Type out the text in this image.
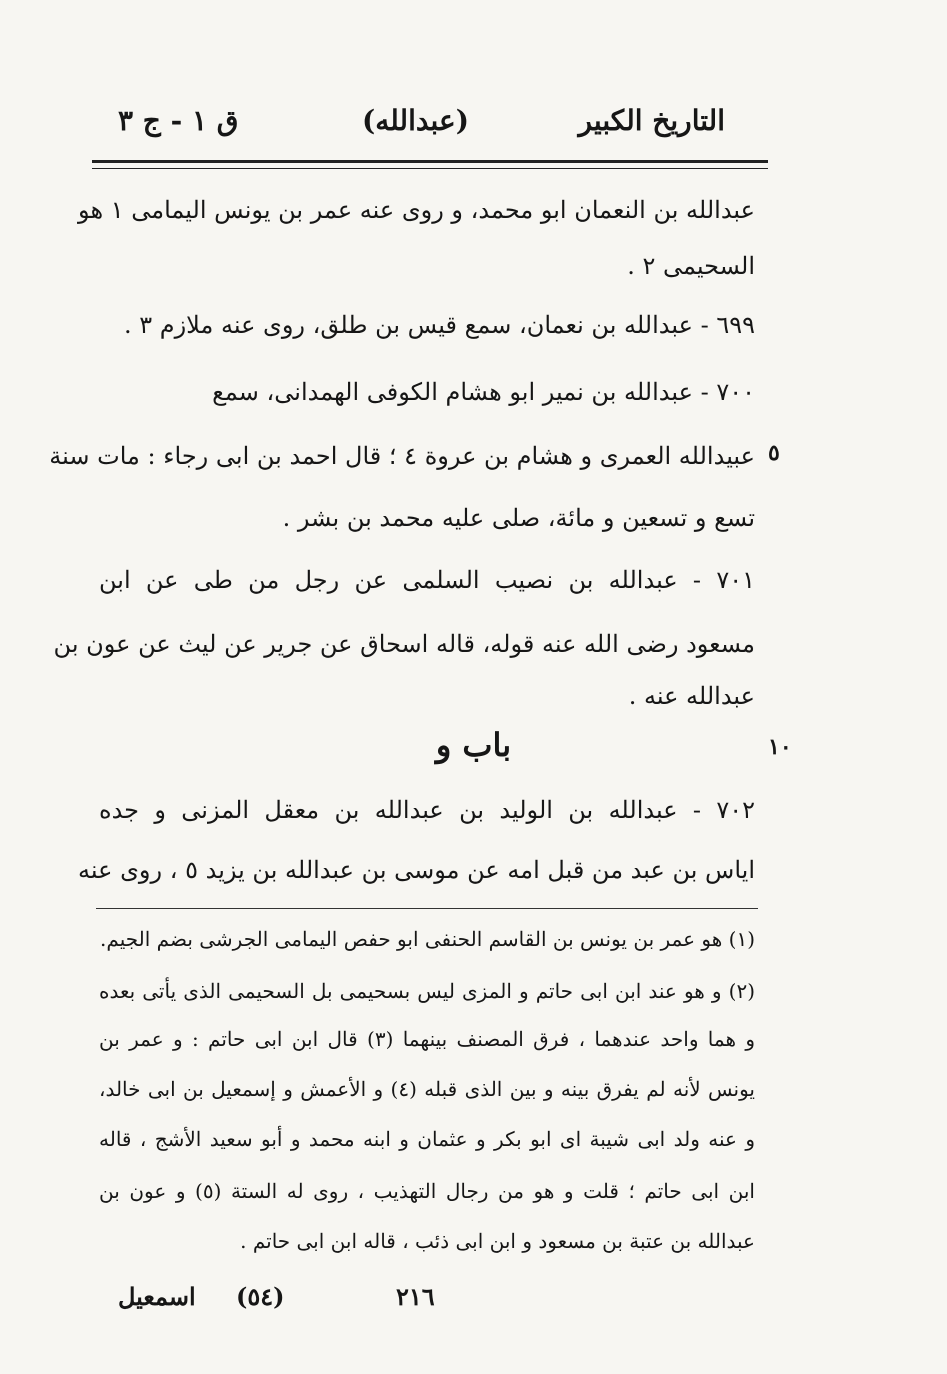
التاريخ الكبير
(عبدالله)
ق ١ - ج ٣
عبدالله بن النعمان ابو محمد، و روى عنه عمر بن يونس اليمامى ١ هو
السحيمى ٢ .
٦٩٩ - عبدالله بن نعمان، سمع قيس بن طلق، روى عنه ملازم ٣ .
٧٠٠ - عبدالله بن نمير ابو هشام الكوفى الهمدانى، سمع
عبيدالله العمرى و هشام بن عروة ٤ ؛ قال احمد بن ابى رجاء : مات سنة
تسع و تسعين و مائة، صلى عليه محمد بن بشر .
٧٠١ - عبدالله بن نصيب السلمى عن رجل من طى عن ابن
مسعود رضى الله عنه قوله، قاله اسحاق عن جرير عن ليث عن عون بن
عبدالله عنه .
٥
باب و	١٠
٧٠٢ - عبدالله بن الوليد بن عبدالله بن معقل المزنى و جده
اياس بن عبد من قبل امه عن موسى بن عبدالله بن يزيد ٥ ، روى عنه
(١) هو عمر بن يونس بن القاسم الحنفى ابو حفص اليمامى الجرشى بضم الجيم.
(٢) و هو عند ابن ابى حاتم و المزى ليس بسحيمى بل السحيمى الذى يأتى بعده
و هما واحد عندهما ، فرق المصنف بينهما (٣) قال ابن ابى حاتم : و عمر بن
يونس لأنه لم يفرق بينه و بين الذى قبله (٤) و الأعمش و إسمعيل بن ابى خالد،
و عنه ولد ابى شيبة اى ابو بكر و عثمان و ابنه محمد و أبو سعيد الأشج ، قاله
ابن ابى حاتم ؛ قلت و هو من رجال التهذيب ، روى له الستة (٥) و عون بن
عبدالله بن عتبة بن مسعود و ابن ابى ذئب ، قاله ابن ابى حاتم .
٢١٦
(٥٤)
اسمعيل
